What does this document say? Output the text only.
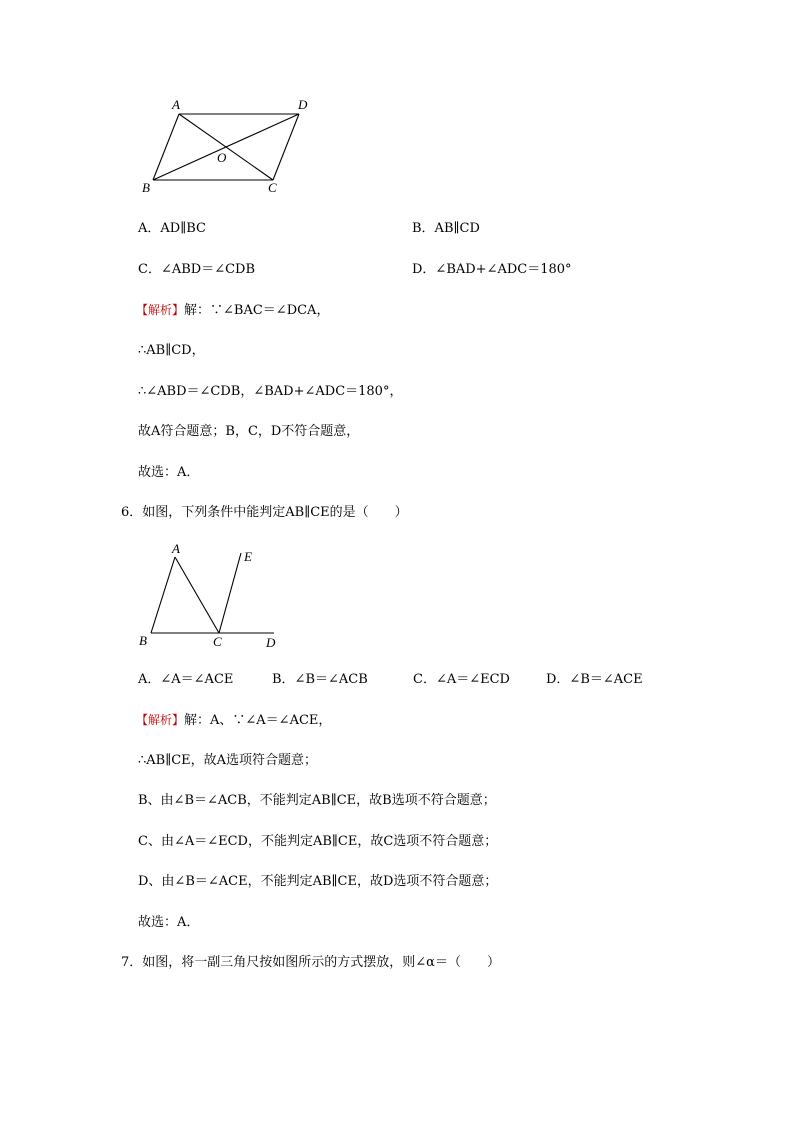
A	D
O
B	C
A．AD∥BC	B．AB∥CD
C．∠ABD＝∠CDB	D．∠BAD+∠ADC＝180°
【解析】解：∵∠BAC＝∠DCA，
∴AB∥CD，
∴∠ABD＝∠CDB，∠BAD+∠ADC＝180°，
故A符合题意；B，C，D不符合题意，
故选：A．
6．如图，下列条件中能判定AB∥CE的是（　　）
A
E
B	C	D
A．∠A＝∠ACE	B．∠B＝∠ACB	C．∠A＝∠ECD	D．∠B＝∠ACE
【解析】解：A、∵∠A＝∠ACE，
∴AB∥CE，故A选项符合题意；
B、由∠B＝∠ACB，不能判定AB∥CE，故B选项不符合题意；
C、由∠A＝∠ECD，不能判定AB∥CE，故C选项不符合题意；
D、由∠B＝∠ACE，不能判定AB∥CE，故D选项不符合题意；
故选：A．
7．如图，将一副三角尺按如图所示的方式摆放，则∠α＝（　　）
